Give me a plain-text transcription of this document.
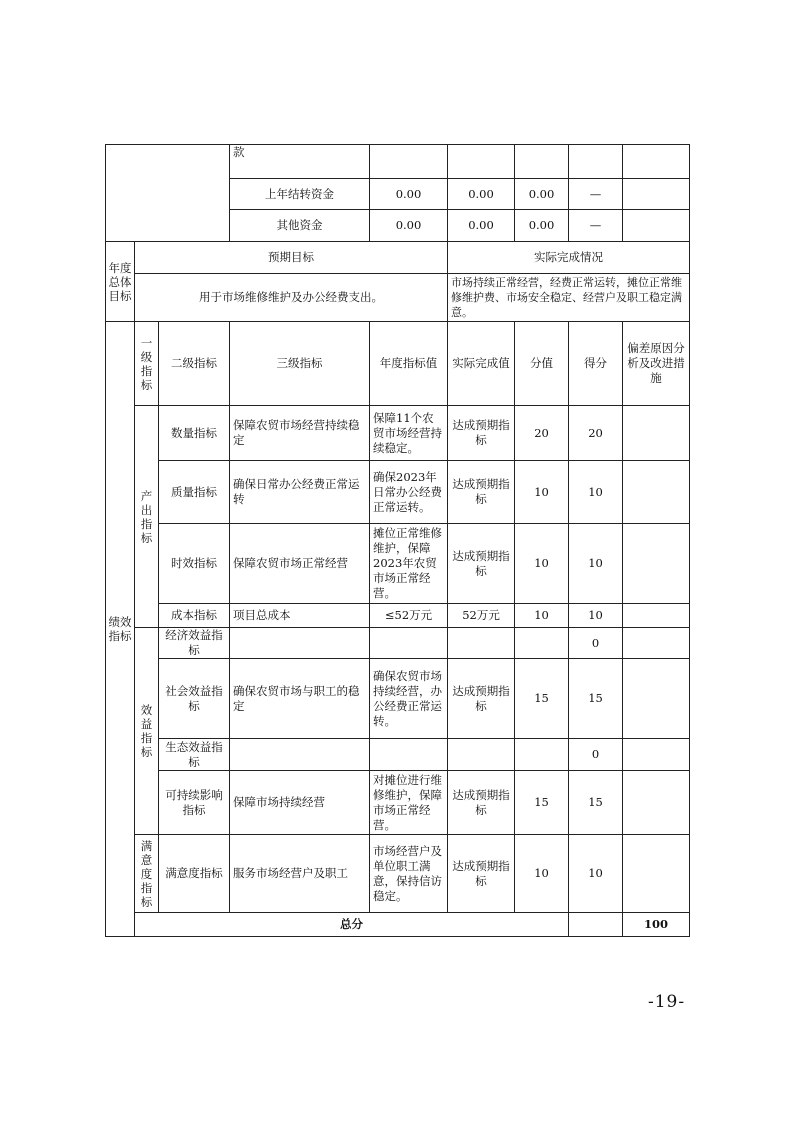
			款						
			上年结转资金	0.00	0.00	0.00	—		
			其他资金	0.00	0.00	0.00	—		
年度总体目标	预期目标				实际完成情况				
	用于市场维修维护及办公经费支出。				市场持续正常经营，经费正常运转，摊位正常维修维护费、市场安全稳定、经营户及职工稳定满意。				
绩效指标	一级指标	二级指标	三级指标	年度指标值	实际完成值	分值	得分	偏差原因分析及改进措施	
	产出指标	数量指标	保障农贸市场经营持续稳定	保障11个农贸市场经营持续稳定。	达成预期指标	20	20		
		质量指标	确保日常办公经费正常运转	确保2023年日常办公经费正常运转。	达成预期指标	10	10		
		时效指标	保障农贸市场正常经营	摊位正常维修维护，保障2023年农贸市场正常经营。	达成预期指标	10	10		
		成本指标	项目总成本	≤52万元	52万元	10	10		
	效益指标	经济效益指标					0		
		社会效益指标	确保农贸市场与职工的稳定	确保农贸市场持续经营，办公经费正常运转。	达成预期指标	15	15		
		生态效益指标					0		
		可持续影响指标	保障市场持续经营	对摊位进行维修维护，保障市场正常经营。	达成预期指标	15	15		
	满意度指标	满意度指标	服务市场经营户及职工	市场经营户及单位职工满意，保持信访稳定。	达成预期指标	10	10		
	总分							100	
-19-
